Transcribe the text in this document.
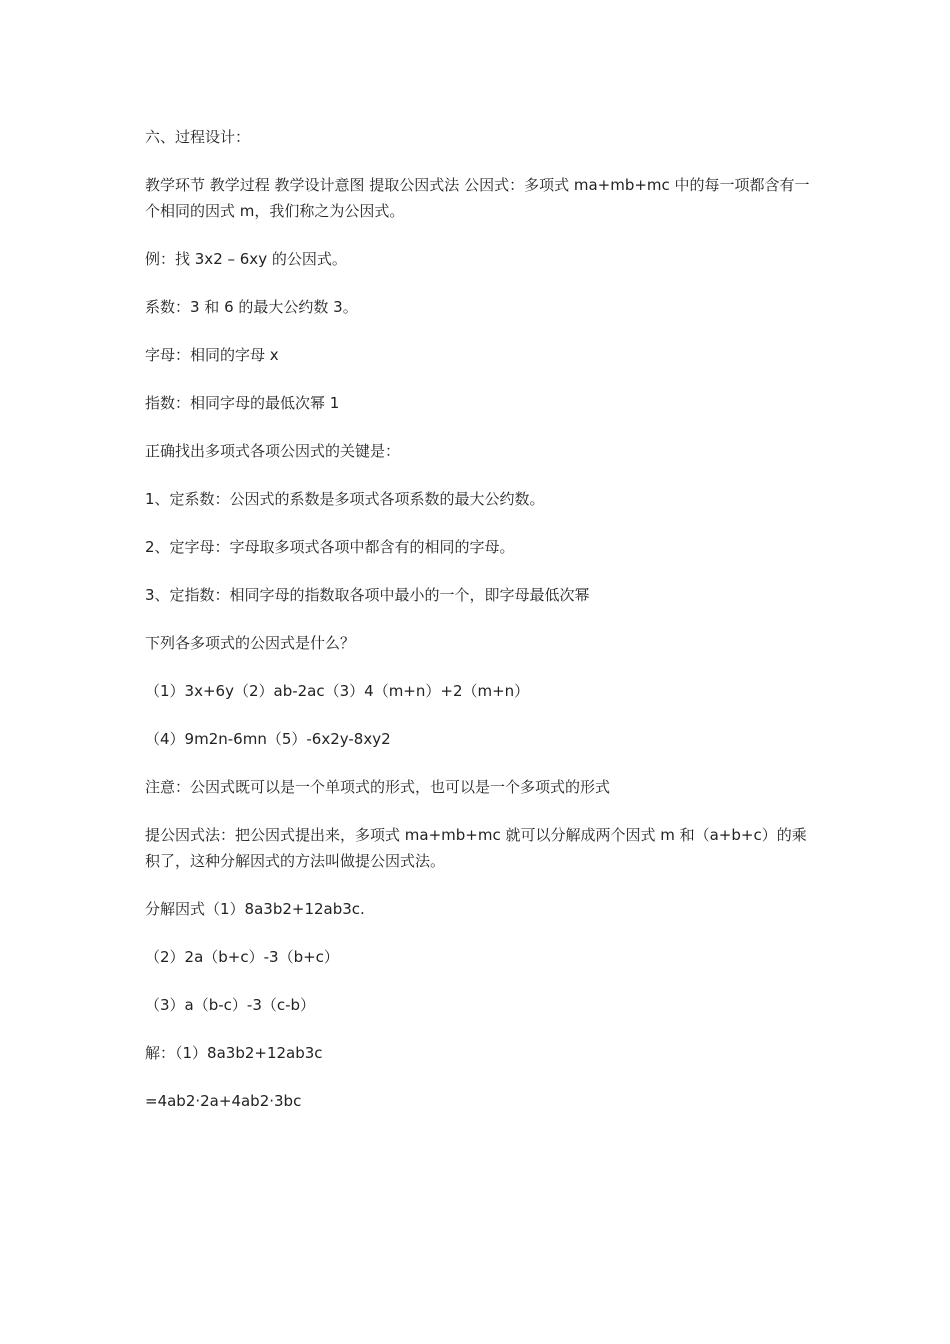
六、过程设计：

教学环节 教学过程 教学设计意图 提取公因式法 公因式：多项式 ma+mb+mc 中的每一项都含有一个相同的因式 m，我们称之为公因式。

例：找 3x2 – 6xy 的公因式。

系数：3 和 6 的最大公约数 3。

字母：相同的字母 x

指数：相同字母的最低次幂 1

正确找出多项式各项公因式的关键是：

1、定系数：公因式的系数是多项式各项系数的最大公约数。

2、定字母：字母取多项式各项中都含有的相同的字母。

3、定指数：相同字母的指数取各项中最小的一个，即字母最低次幂

下列各多项式的公因式是什么？

（1）3x+6y（2）ab-2ac（3）4（m+n）+2（m+n）

（4）9m2n-6mn（5）-6x2y-8xy2

注意：公因式既可以是一个单项式的形式，也可以是一个多项式的形式

提公因式法：把公因式提出来，多项式 ma+mb+mc 就可以分解成两个因式 m 和（a+b+c）的乘积了，这种分解因式的方法叫做提公因式法。

分解因式（1）8a3b2+12ab3c.

（2）2a（b+c）-3（b+c）

（3）a（b-c）-3（c-b）

解：（1）8a3b2+12ab3c

=4ab2·2a+4ab2·3bc
